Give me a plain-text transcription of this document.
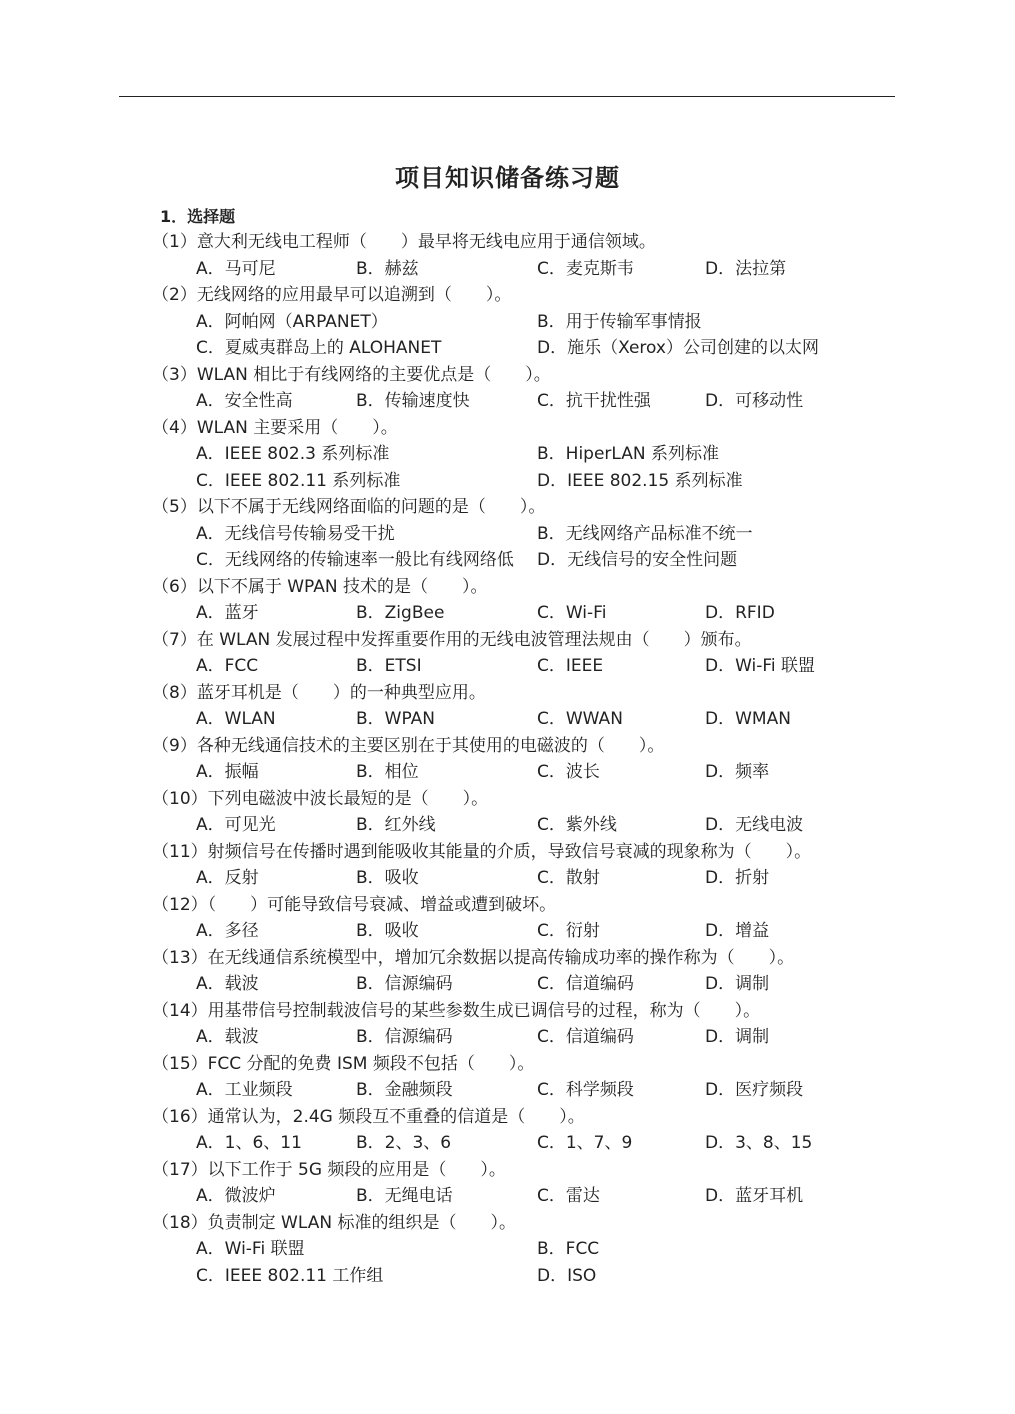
项目知识储备练习题
1．选择题
（1）意大利无线电工程师（　　）最早将无线电应用于通信领域。
A．马可尼	B．赫兹	C．麦克斯韦	D．法拉第
（2）无线网络的应用最早可以追溯到（　　）。
A．阿帕网（ARPANET）	B．用于传输军事情报
C．夏威夷群岛上的 ALOHANET	D．施乐（Xerox）公司创建的以太网
（3）WLAN 相比于有线网络的主要优点是（　　）。
A．安全性高	B．传输速度快	C．抗干扰性强	D．可移动性
（4）WLAN 主要采用（　　）。
A．IEEE 802.3 系列标准	B．HiperLAN 系列标准
C．IEEE 802.11 系列标准	D．IEEE 802.15 系列标准
（5）以下不属于无线网络面临的问题的是（　　）。
A．无线信号传输易受干扰	B．无线网络产品标准不统一
C．无线网络的传输速率一般比有线网络低 D．无线信号的安全性问题
（6）以下不属于 WPAN 技术的是（　　）。
A．蓝牙	B．ZigBee	C．Wi-Fi	D．RFID
（7）在 WLAN 发展过程中发挥重要作用的无线电波管理法规由（　　）颁布。
A．FCC	B．ETSI	C．IEEE	D．Wi-Fi 联盟
（8）蓝牙耳机是（　　）的一种典型应用。
A．WLAN	B．WPAN	C．WWAN	D．WMAN
（9）各种无线通信技术的主要区别在于其使用的电磁波的（　　）。
A．振幅	B．相位	C．波长	D．频率
（10）下列电磁波中波长最短的是（　　）。
A．可见光	B．红外线	C．紫外线	D．无线电波
（11）射频信号在传播时遇到能吸收其能量的介质，导致信号衰减的现象称为（　　）。
A．反射	B．吸收	C．散射	D．折射
（12）（　　）可能导致信号衰减、增益或遭到破坏。
A．多径	B．吸收	C．衍射	D．增益
（13）在无线通信系统模型中，增加冗余数据以提高传输成功率的操作称为（　　）。
A．载波	B．信源编码	C．信道编码	D．调制
（14）用基带信号控制载波信号的某些参数生成已调信号的过程，称为（　　）。
A．载波	B．信源编码	C．信道编码	D．调制
（15）FCC 分配的免费 ISM 频段不包括（　　）。
A．工业频段	B．金融频段	C．科学频段	D．医疗频段
（16）通常认为，2.4G 频段互不重叠的信道是（　　）。
A．1、6、11	B．2、3、6	C．1、7、9	D．3、8、15
（17）以下工作于 5G 频段的应用是（　　）。
A．微波炉	B．无绳电话	C．雷达	D．蓝牙耳机
（18）负责制定 WLAN 标准的组织是（　　）。
A．Wi-Fi 联盟	B．FCC
C．IEEE 802.11 工作组	D．ISO
